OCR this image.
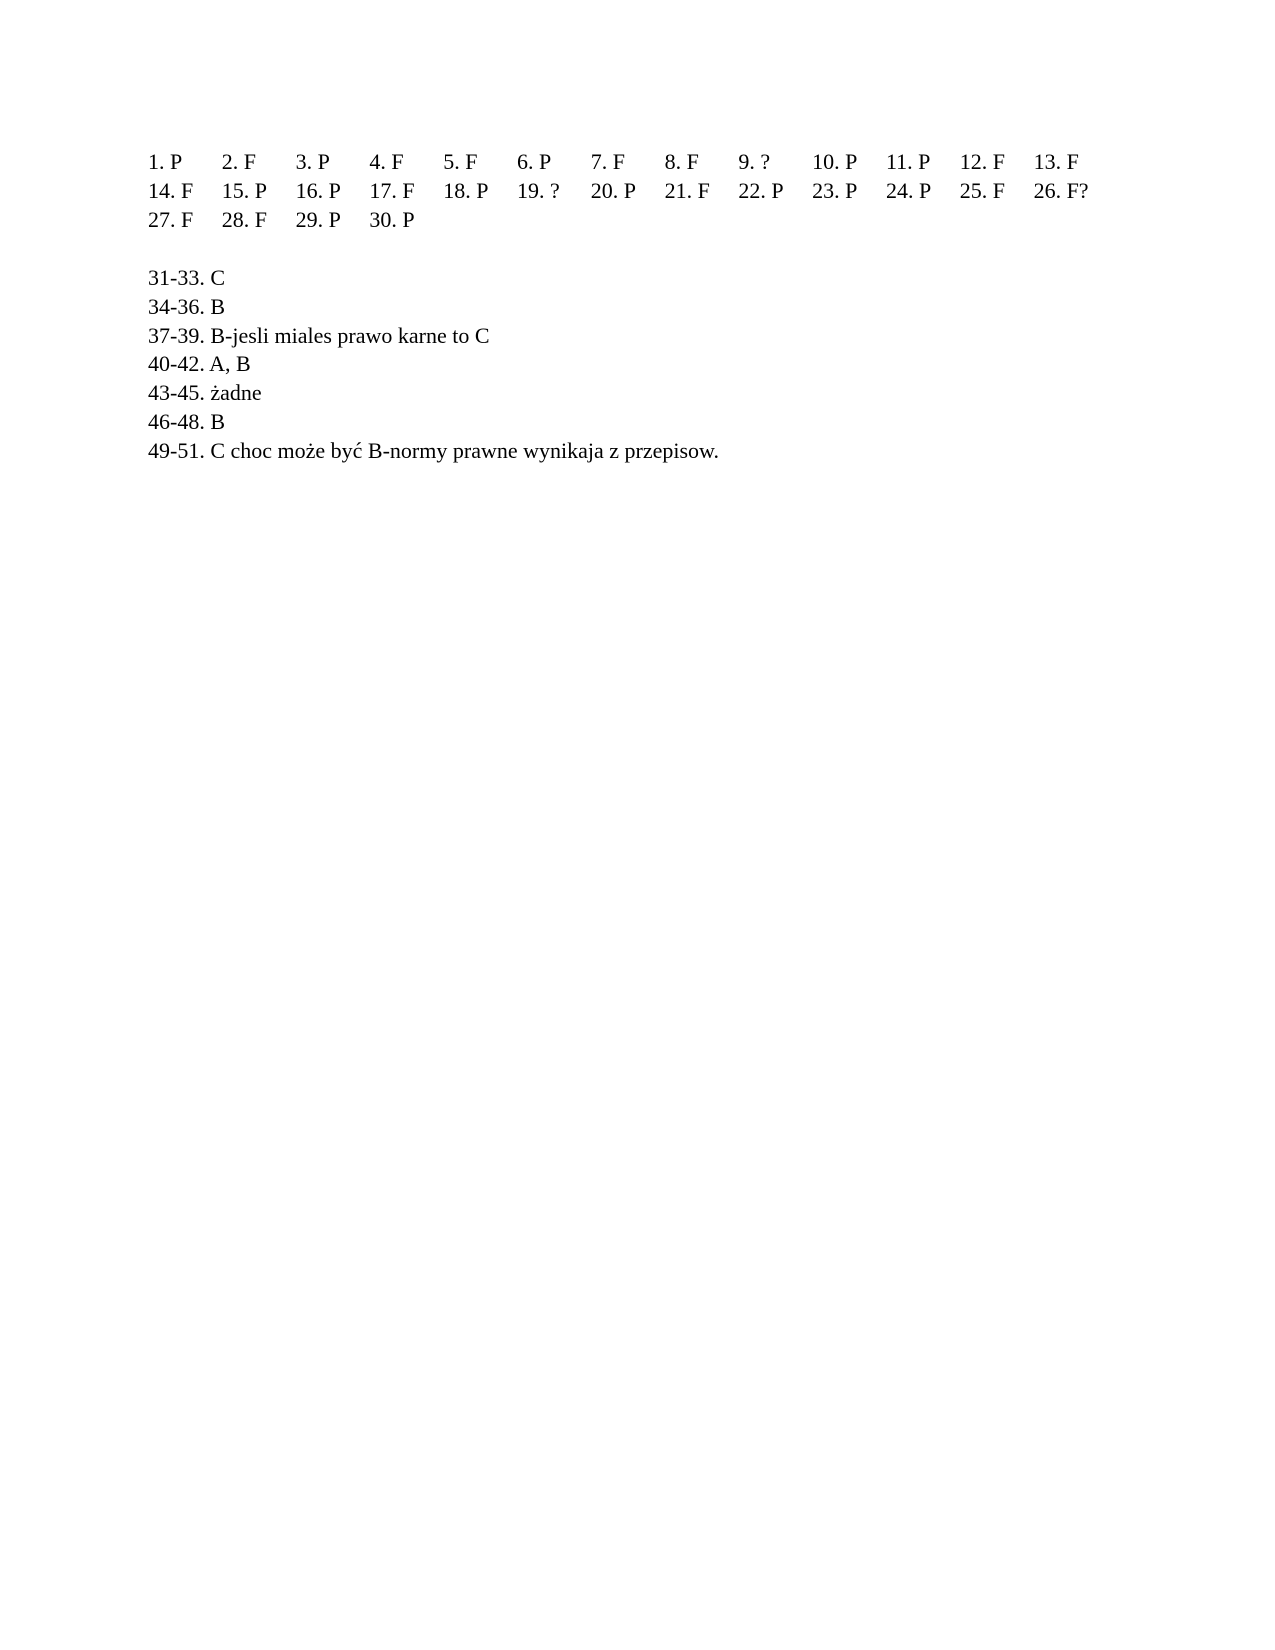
1. P 2. F 3. P 4. F 5. F 6. P 7. F 8. F 9. ? 10. P 11. P 12. F 13. F
14. F 15. P 16. P 17. F 18. P 19. ? 20. P 21. F 22. P 23. P 24. P 25. F 26. F?
27. F 28. F 29. P 30. P
31-33. C
34-36. B
37-39. B-jesli miales prawo karne to C
40-42. A, B
43-45. żadne
46-48. B
49-51. C choc może być B-normy prawne wynikaja z przepisow.
